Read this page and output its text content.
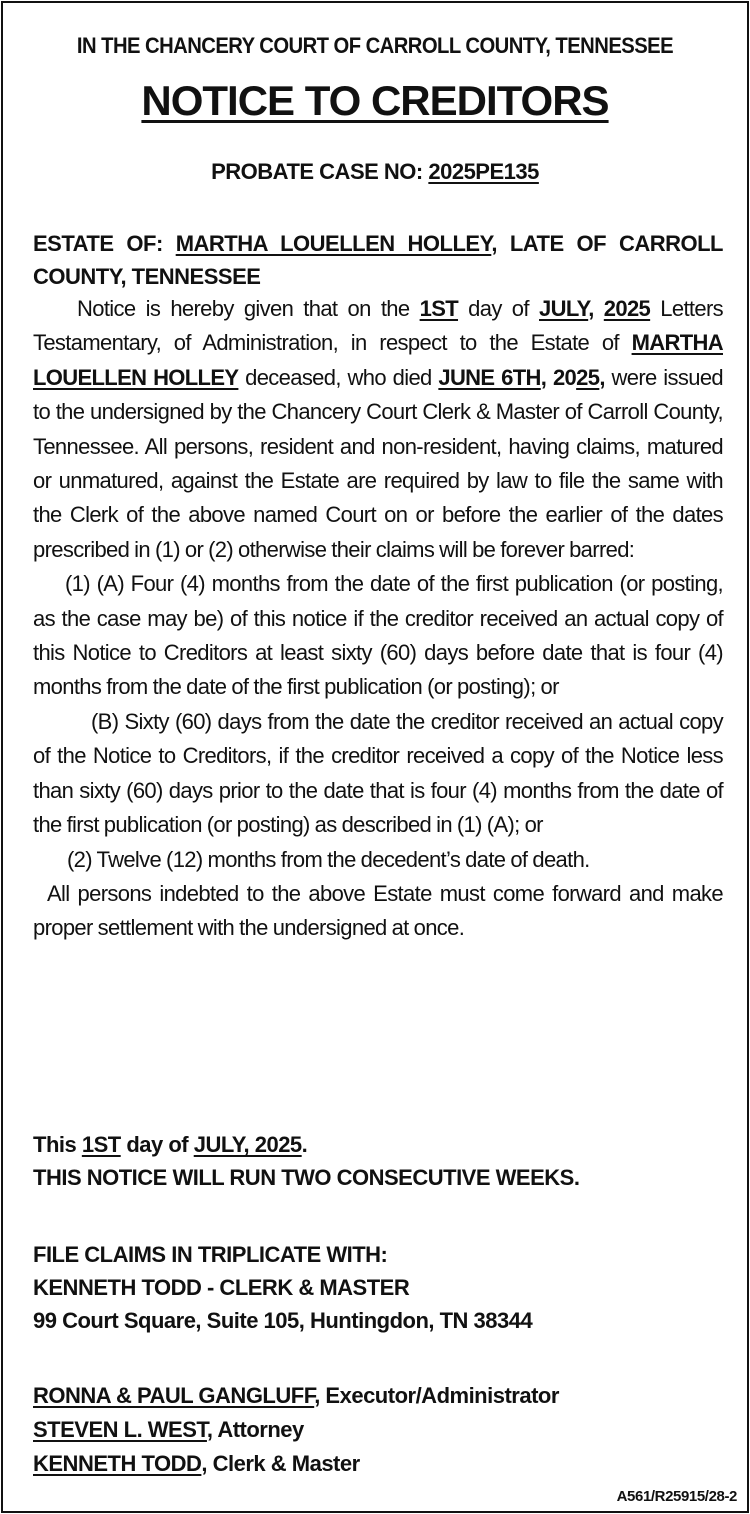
IN THE CHANCERY COURT OF CARROLL COUNTY, TENNESSEE
NOTICE TO CREDITORS
PROBATE CASE NO: 2025PE135
ESTATE OF: MARTHA LOUELLEN HOLLEY, LATE OF CARROLL COUNTY, TENNESSEE

Notice is hereby given that on the 1ST day of JULY, 2025 Letters Testamentary, of Administration, in respect to the Estate of MARTHA LOUELLEN HOLLEY deceased, who died JUNE 6TH, 2025, were issued to the undersigned by the Chancery Court Clerk & Master of Carroll County, Tennessee. All persons, resident and non-resident, having claims, matured or unmatured, against the Estate are required by law to file the same with the Clerk of the above named Court on or before the earlier of the dates prescribed in (1) or (2) otherwise their claims will be forever barred:

(1) (A) Four (4) months from the date of the first publication (or posting, as the case may be) of this notice if the creditor received an actual copy of this Notice to Creditors at least sixty (60) days before date that is four (4) months from the date of the first publication (or posting); or

(B) Sixty (60) days from the date the creditor received an actual copy of the Notice to Creditors, if the creditor received a copy of the Notice less than sixty (60) days prior to the date that is four (4) months from the date of the first publication (or posting) as described in (1) (A); or

(2) Twelve (12) months from the decedent’s date of death.

All persons indebted to the above Estate must come forward and make proper settlement with the undersigned at once.

This 1ST day of JULY, 2025.
THIS NOTICE WILL RUN TWO CONSECUTIVE WEEKS.
FILE CLAIMS IN TRIPLICATE WITH:
KENNETH TODD - CLERK & MASTER
99 Court Square, Suite 105, Huntingdon, TN 38344
RONNA & PAUL GANGLUFF, Executor/Administrator
STEVEN L. WEST, Attorney
KENNETH TODD, Clerk & Master
A561/R25915/28-2
